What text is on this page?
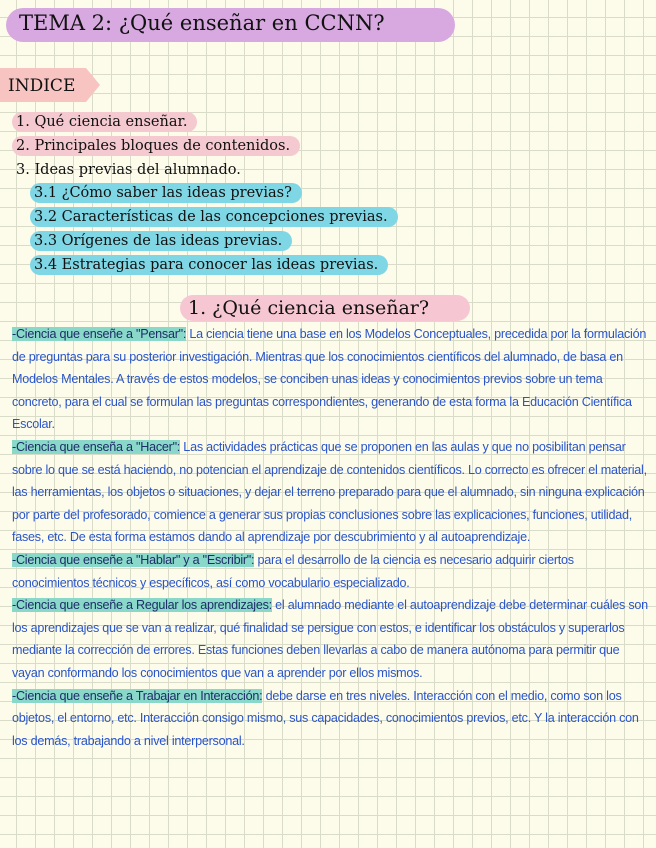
TEMA 2: ¿Qué enseñar en CCNN?
INDICE
1. Qué ciencia enseñar.
2. Principales bloques de contenidos.
3. Ideas previas del alumnado.
3.1 ¿Cómo saber las ideas previas?
3.2 Características de las concepciones previas.
3.3 Orígenes de las ideas previas.
3.4 Estrategias para conocer las ideas previas.
1. ¿Qué ciencia enseñar?

-Ciencia que enseñe a "Pensar": La ciencia tiene una base en los Modelos Conceptuales, precedida por la formulación de preguntas para su posterior investigación. Mientras que los conocimientos científicos del alumnado, de basa en Modelos Mentales. A través de estos modelos, se conciben unas ideas y conocimientos previos sobre un tema concreto, para el cual se formulan las preguntas correspondientes, generando de esta forma la Educación Científica Escolar.

-Ciencia que enseña a "Hacer": Las actividades prácticas que se proponen en las aulas y que no posibilitan pensar sobre lo que se está haciendo, no potencian el aprendizaje de contenidos científicos. Lo correcto es ofrecer el material, las herramientas, los objetos o situaciones, y dejar el terreno preparado para que el alumnado, sin ninguna explicación por parte del profesorado, comience a generar sus propias conclusiones sobre las explicaciones, funciones, utilidad, fases, etc. De esta forma estamos dando al aprendizaje por descubrimiento y al autoaprendizaje.

-Ciencia que enseñe a "Hablar" y a "Escribir": para el desarrollo de la ciencia es necesario adquirir ciertos conocimientos técnicos y específicos, así como vocabulario especializado.

-Ciencia que enseñe a Regular los aprendizajes: el alumnado mediante el autoaprendizaje debe determinar cuáles son los aprendizajes que se van a realizar, qué finalidad se persigue con estos, e identificar los obstáculos y superarlos mediante la corrección de errores. Estas funciones deben llevarlas a cabo de manera autónoma para permitir que vayan conformando los conocimientos que van a aprender por ellos mismos.

-Ciencia que enseñe a Trabajar en Interacción: debe darse en tres niveles. Interacción con el medio, como son los objetos, el entorno, etc. Interacción consigo mismo, sus capacidades, conocimientos previos, etc. Y la interacción con los demás, trabajando a nivel interpersonal.
